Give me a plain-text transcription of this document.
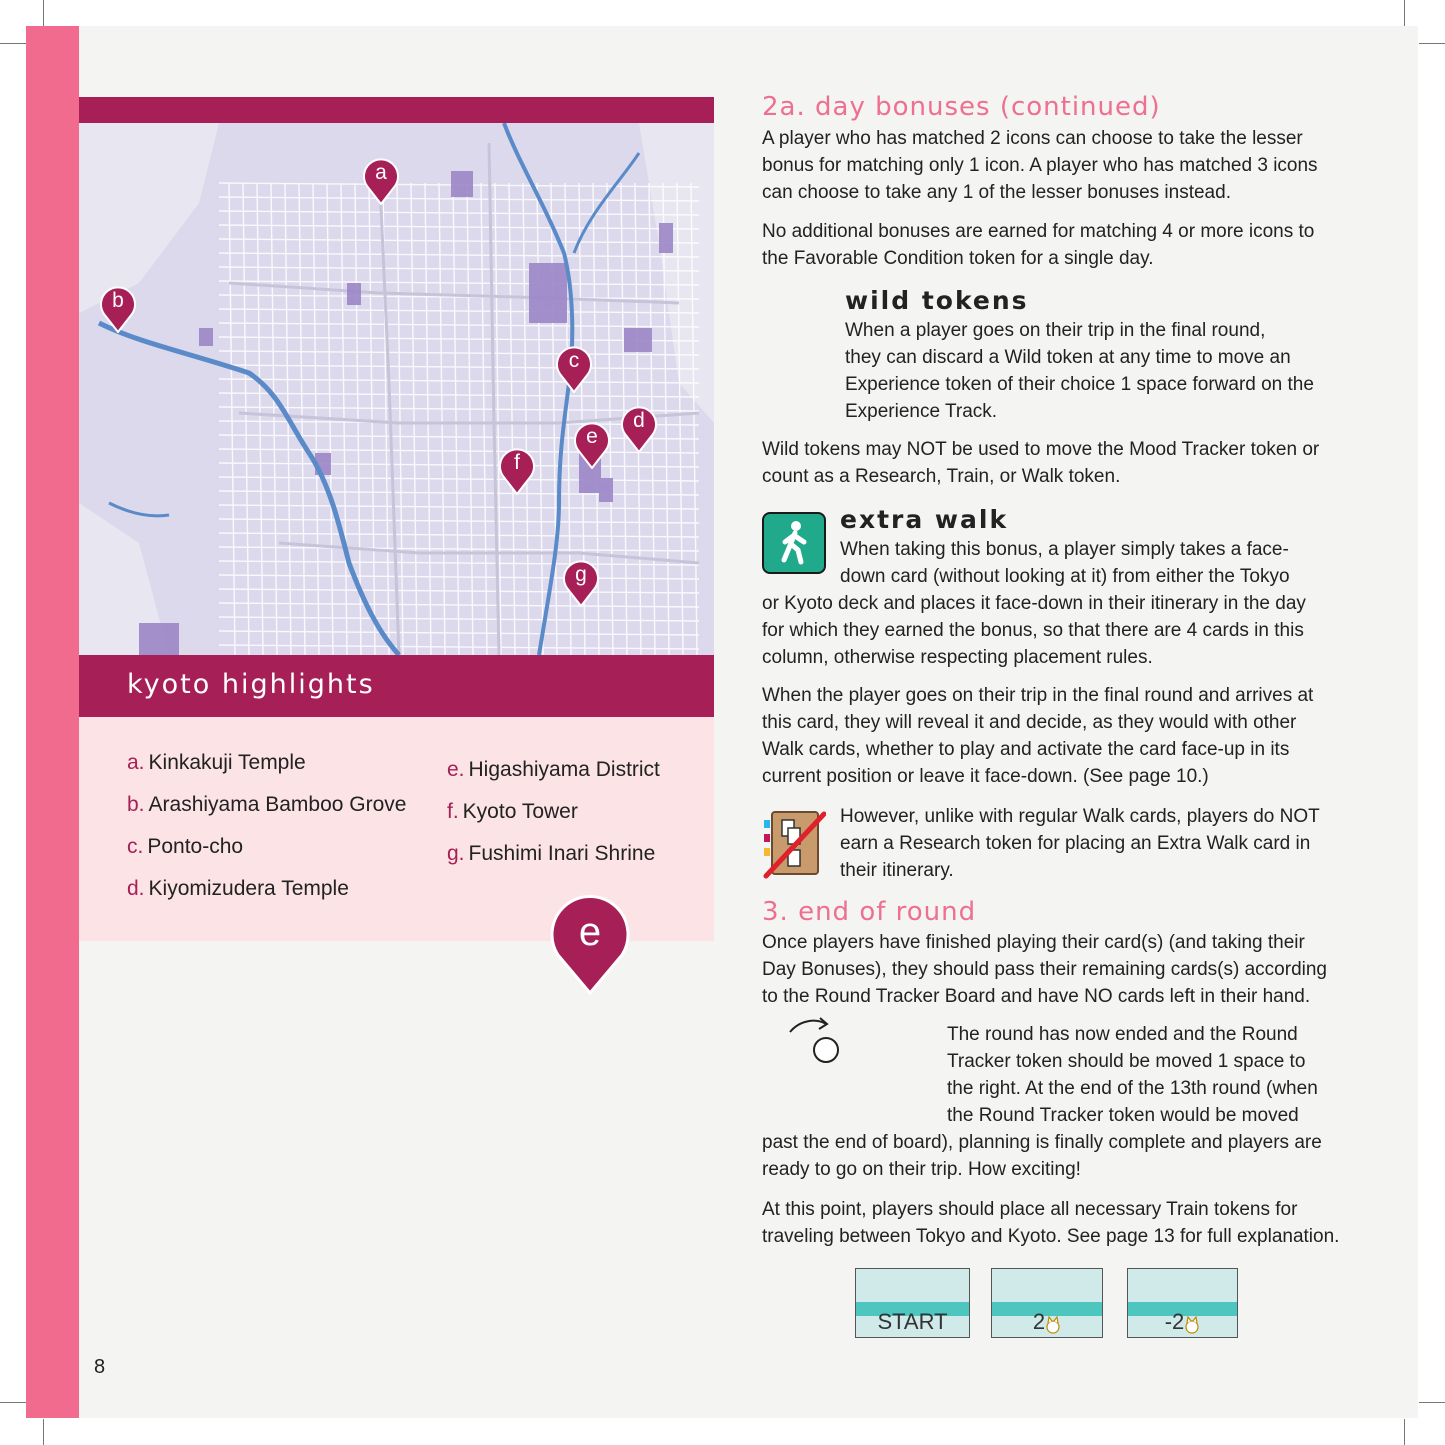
a
b
c
d
e
f
g
kyoto highlights
a. Kinkakuji Temple
b. Arashiyama Bamboo Grove
c. Ponto-cho
d. Kiyomizudera Temple
e. Higashiyama District
f. Kyoto Tower
g. Fushimi Inari Shrine
e
2a. day bonuses (continued)
A player who has matched 2 icons can choose to take the lesser
bonus for matching only 1 icon. A player who has matched 3 icons
can choose to take any 1 of the lesser bonuses instead.
No additional bonuses are earned for matching 4 or more icons to
the Favorable Condition token for a single day.
wild tokens
When a player goes on their trip in the final round,
they can discard a Wild token at any time to move an
Experience token of their choice 1 space forward on the
Experience Track.
Wild tokens may NOT be used to move the Mood Tracker token or
count as a Research, Train, or Walk token.
extra walk
When taking this bonus, a player simply takes a face-
down card (without looking at it) from either the Tokyo
or Kyoto deck and places it face-down in their itinerary in the day
for which they earned the bonus, so that there are 4 cards in this
column, otherwise respecting placement rules.
When the player goes on their trip in the final round and arrives at
this card, they will reveal it and decide, as they would with other
Walk cards, whether to play and activate the card face-up in its
current position or leave it face-down. (See page 10.)
However, unlike with regular Walk cards, players do NOT
earn a Research token for placing an Extra Walk card in
their itinerary.
3. end of round
Once players have finished playing their card(s) (and taking their
Day Bonuses), they should pass their remaining cards(s) according
to the Round Tracker Board and have NO cards left in their hand.
The round has now ended and the Round
Tracker token should be moved 1 space to
the right. At the end of the 13th round (when
the Round Tracker token would be moved
past the end of board), planning is finally complete and players are
ready to go on their trip. How exciting!
At this point, players should place all necessary Train tokens for
traveling between Tokyo and Kyoto. See page 13 for full explanation.
START	2	-2
8
